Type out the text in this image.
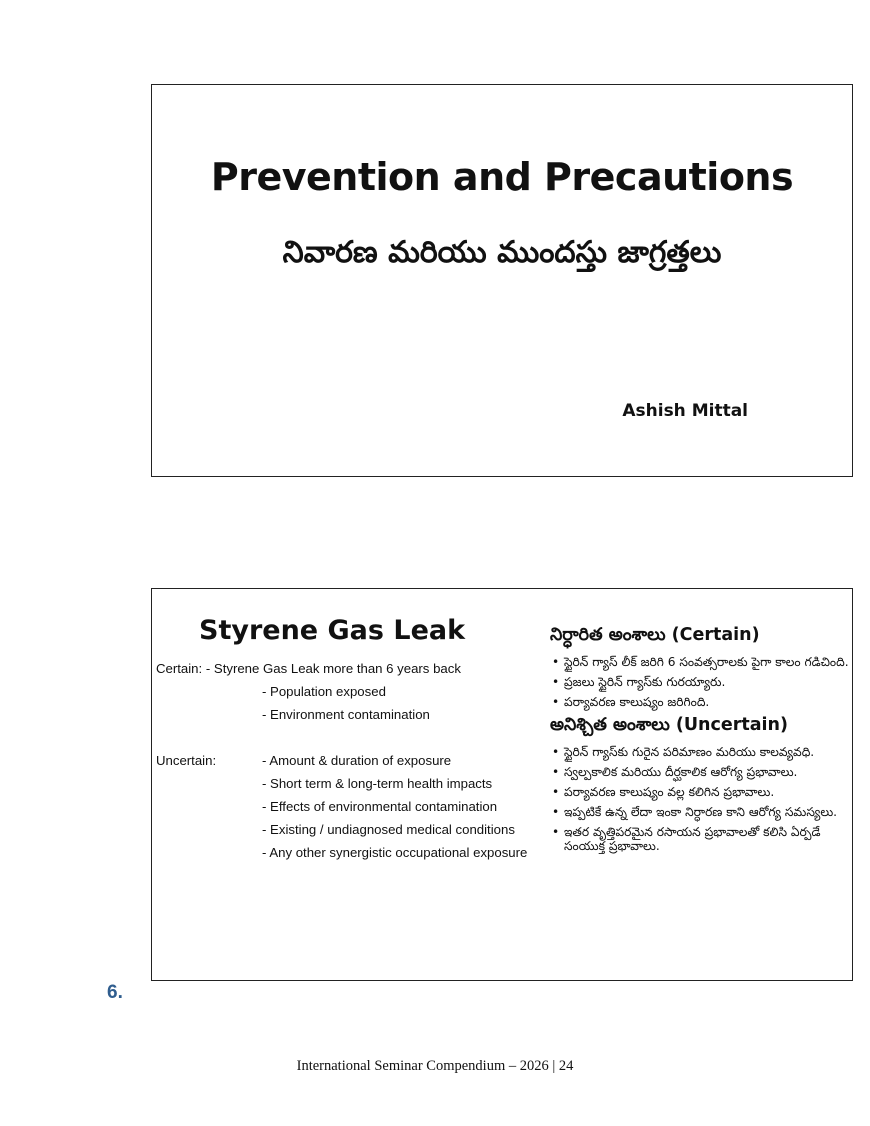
Prevention and Precautions
నివారణ మరియు ముందస్తు జాగ్రత్తలు
Ashish Mittal
Styrene Gas Leak
Certain: - Styrene Gas Leak more than 6 years back
- Population exposed
- Environment contamination
Uncertain:	- Amount & duration of exposure
- Short term & long-term health impacts
- Effects of environmental contamination
- Existing / undiagnosed medical conditions
- Any other synergistic occupational exposure
నిర్ధారిత అంశాలు (Certain)
• స్టైరిన్ గ్యాస్ లీక్ జరిగి 6 సంవత్సరాలకు పైగా కాలం గడిచింది.
• ప్రజలు స్టైరిన్ గ్యాస్‌కు గురయ్యారు.
• పర్యావరణ కాలుష్యం జరిగింది.
అనిశ్చిత అంశాలు (Uncertain)
• స్టైరిన్ గ్యాస్‌కు గురైన పరిమాణం మరియు కాలవ్యవధి.
• స్వల్పకాలిక మరియు దీర్ఘకాలిక ఆరోగ్య ప్రభావాలు.
• పర్యావరణ కాలుష్యం వల్ల కలిగిన ప్రభావాలు.
• ఇప్పటికే ఉన్న లేదా ఇంకా నిర్ధారణ కాని ఆరోగ్య సమస్యలు.
• ఇతర వృత్తిపరమైన రసాయన ప్రభావాలతో కలిసి ఏర్పడే సంయుక్త ప్రభావాలు.
6.
International Seminar Compendium – 2026 | 24
